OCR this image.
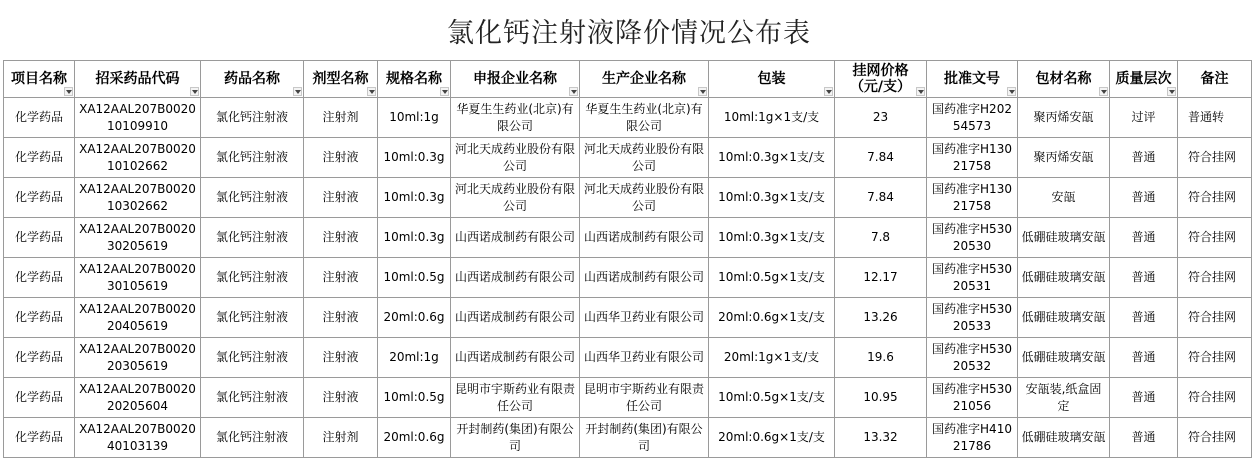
氯化钙注射液降价情况公布表
项目名称	招采药品代码	药品名称	剂型名称	规格名称	申报企业名称	生产企业名称	包装	挂网价格（元/支）	批准文号	包材名称	质量层次	备注
化学药品	XA12AAL207B002010109910	氯化钙注射液	注射剂	10ml:1g	华夏生生药业(北京)有限公司	华夏生生药业(北京)有限公司	10ml:1g×1支/支	23	国药准字H20254573	聚丙烯安瓿	过评	普通转
化学药品	XA12AAL207B002010102662	氯化钙注射液	注射液	10ml:0.3g	河北天成药业股份有限公司	河北天成药业股份有限公司	10ml:0.3g×1支/支	7.84	国药准字H13021758	聚丙烯安瓿	普通	符合挂网
化学药品	XA12AAL207B002010302662	氯化钙注射液	注射液	10ml:0.3g	河北天成药业股份有限公司	河北天成药业股份有限公司	10ml:0.3g×1支/支	7.84	国药准字H13021758	安瓿	普通	符合挂网
化学药品	XA12AAL207B002030205619	氯化钙注射液	注射液	10ml:0.3g	山西诺成制药有限公司	山西诺成制药有限公司	10ml:0.3g×1支/支	7.8	国药准字H53020530	低硼硅玻璃安瓿	普通	符合挂网
化学药品	XA12AAL207B002030105619	氯化钙注射液	注射液	10ml:0.5g	山西诺成制药有限公司	山西诺成制药有限公司	10ml:0.5g×1支/支	12.17	国药准字H53020531	低硼硅玻璃安瓿	普通	符合挂网
化学药品	XA12AAL207B002020405619	氯化钙注射液	注射液	20ml:0.6g	山西诺成制药有限公司	山西华卫药业有限公司	20ml:0.6g×1支/支	13.26	国药准字H53020533	低硼硅玻璃安瓿	普通	符合挂网
化学药品	XA12AAL207B002020305619	氯化钙注射液	注射液	20ml:1g	山西诺成制药有限公司	山西华卫药业有限公司	20ml:1g×1支/支	19.6	国药准字H53020532	低硼硅玻璃安瓿	普通	符合挂网
化学药品	XA12AAL207B002020205604	氯化钙注射液	注射液	10ml:0.5g	昆明市宇斯药业有限责任公司	昆明市宇斯药业有限责任公司	10ml:0.5g×1支/支	10.95	国药准字H53021056	安瓿装,纸盒固定	普通	符合挂网
化学药品	XA12AAL207B002040103139	氯化钙注射液	注射剂	20ml:0.6g	开封制药(集团)有限公司	开封制药(集团)有限公司	20ml:0.6g×1支/支	13.32	国药准字H41021786	低硼硅玻璃安瓿	普通	符合挂网
